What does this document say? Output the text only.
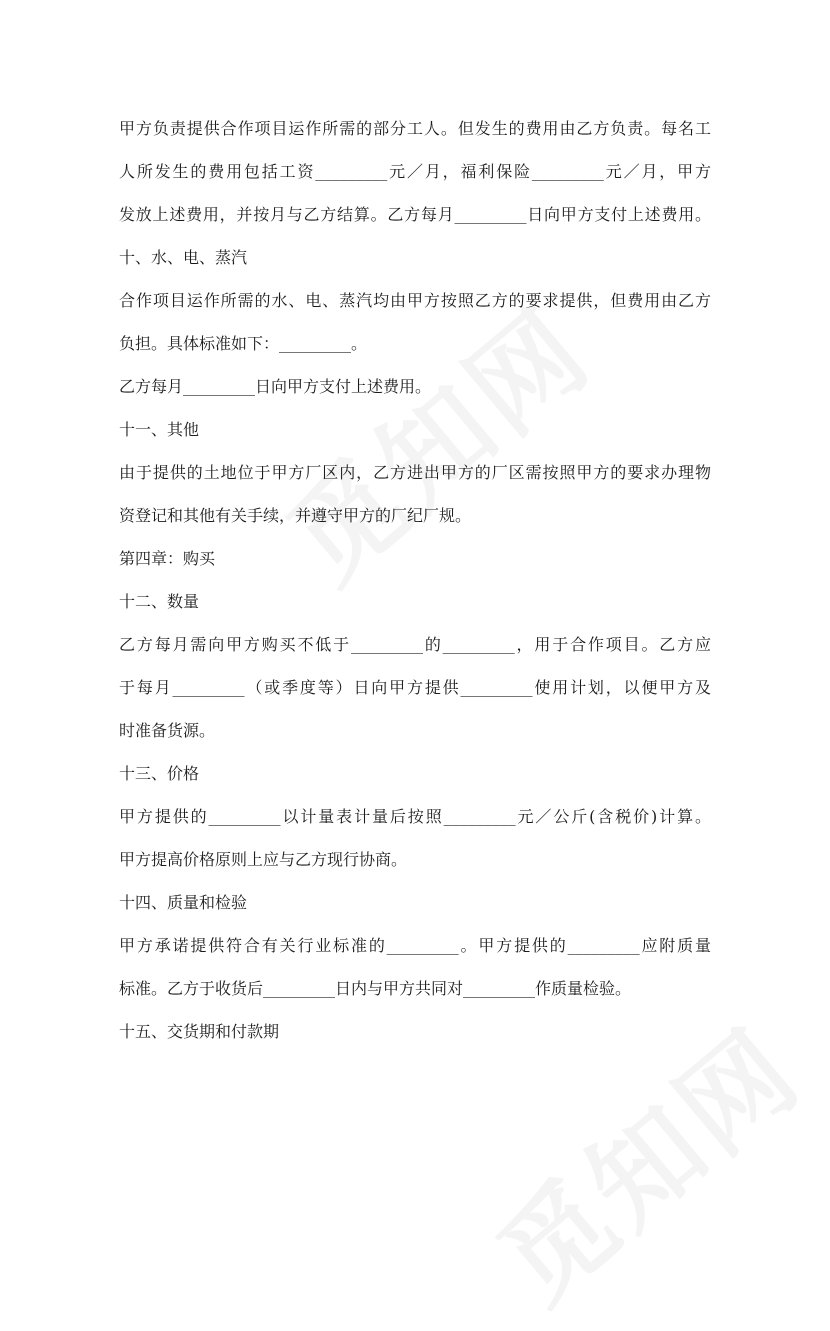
甲方负责提供合作项目运作所需的部分工人。但发生的费用由乙方负责。每名工
人所发生的费用包括工资_________元／月，福利保险_________元／月，甲方
发放上述费用，并按月与乙方结算。乙方每月_________日向甲方支付上述费用。
十、水、电、蒸汽
合作项目运作所需的水、电、蒸汽均由甲方按照乙方的要求提供，但费用由乙方
负担。具体标准如下：_________。
乙方每月_________日向甲方支付上述费用。
十一、其他
由于提供的土地位于甲方厂区内，乙方进出甲方的厂区需按照甲方的要求办理物
资登记和其他有关手续，并遵守甲方的厂纪厂规。
第四章：购买
十二、数量
乙方每月需向甲方购买不低于_________的_________，用于合作项目。乙方应
于每月_________（或季度等）日向甲方提供_________使用计划，以便甲方及
时准备货源。
十三、价格
甲方提供的_________以计量表计量后按照_________元／公斤(含税价)计算。
甲方提高价格原则上应与乙方现行协商。
十四、质量和检验
甲方承诺提供符合有关行业标准的_________。甲方提供的_________应附质量
标准。乙方于收货后_________日内与甲方共同对_________作质量检验。
十五、交货期和付款期
